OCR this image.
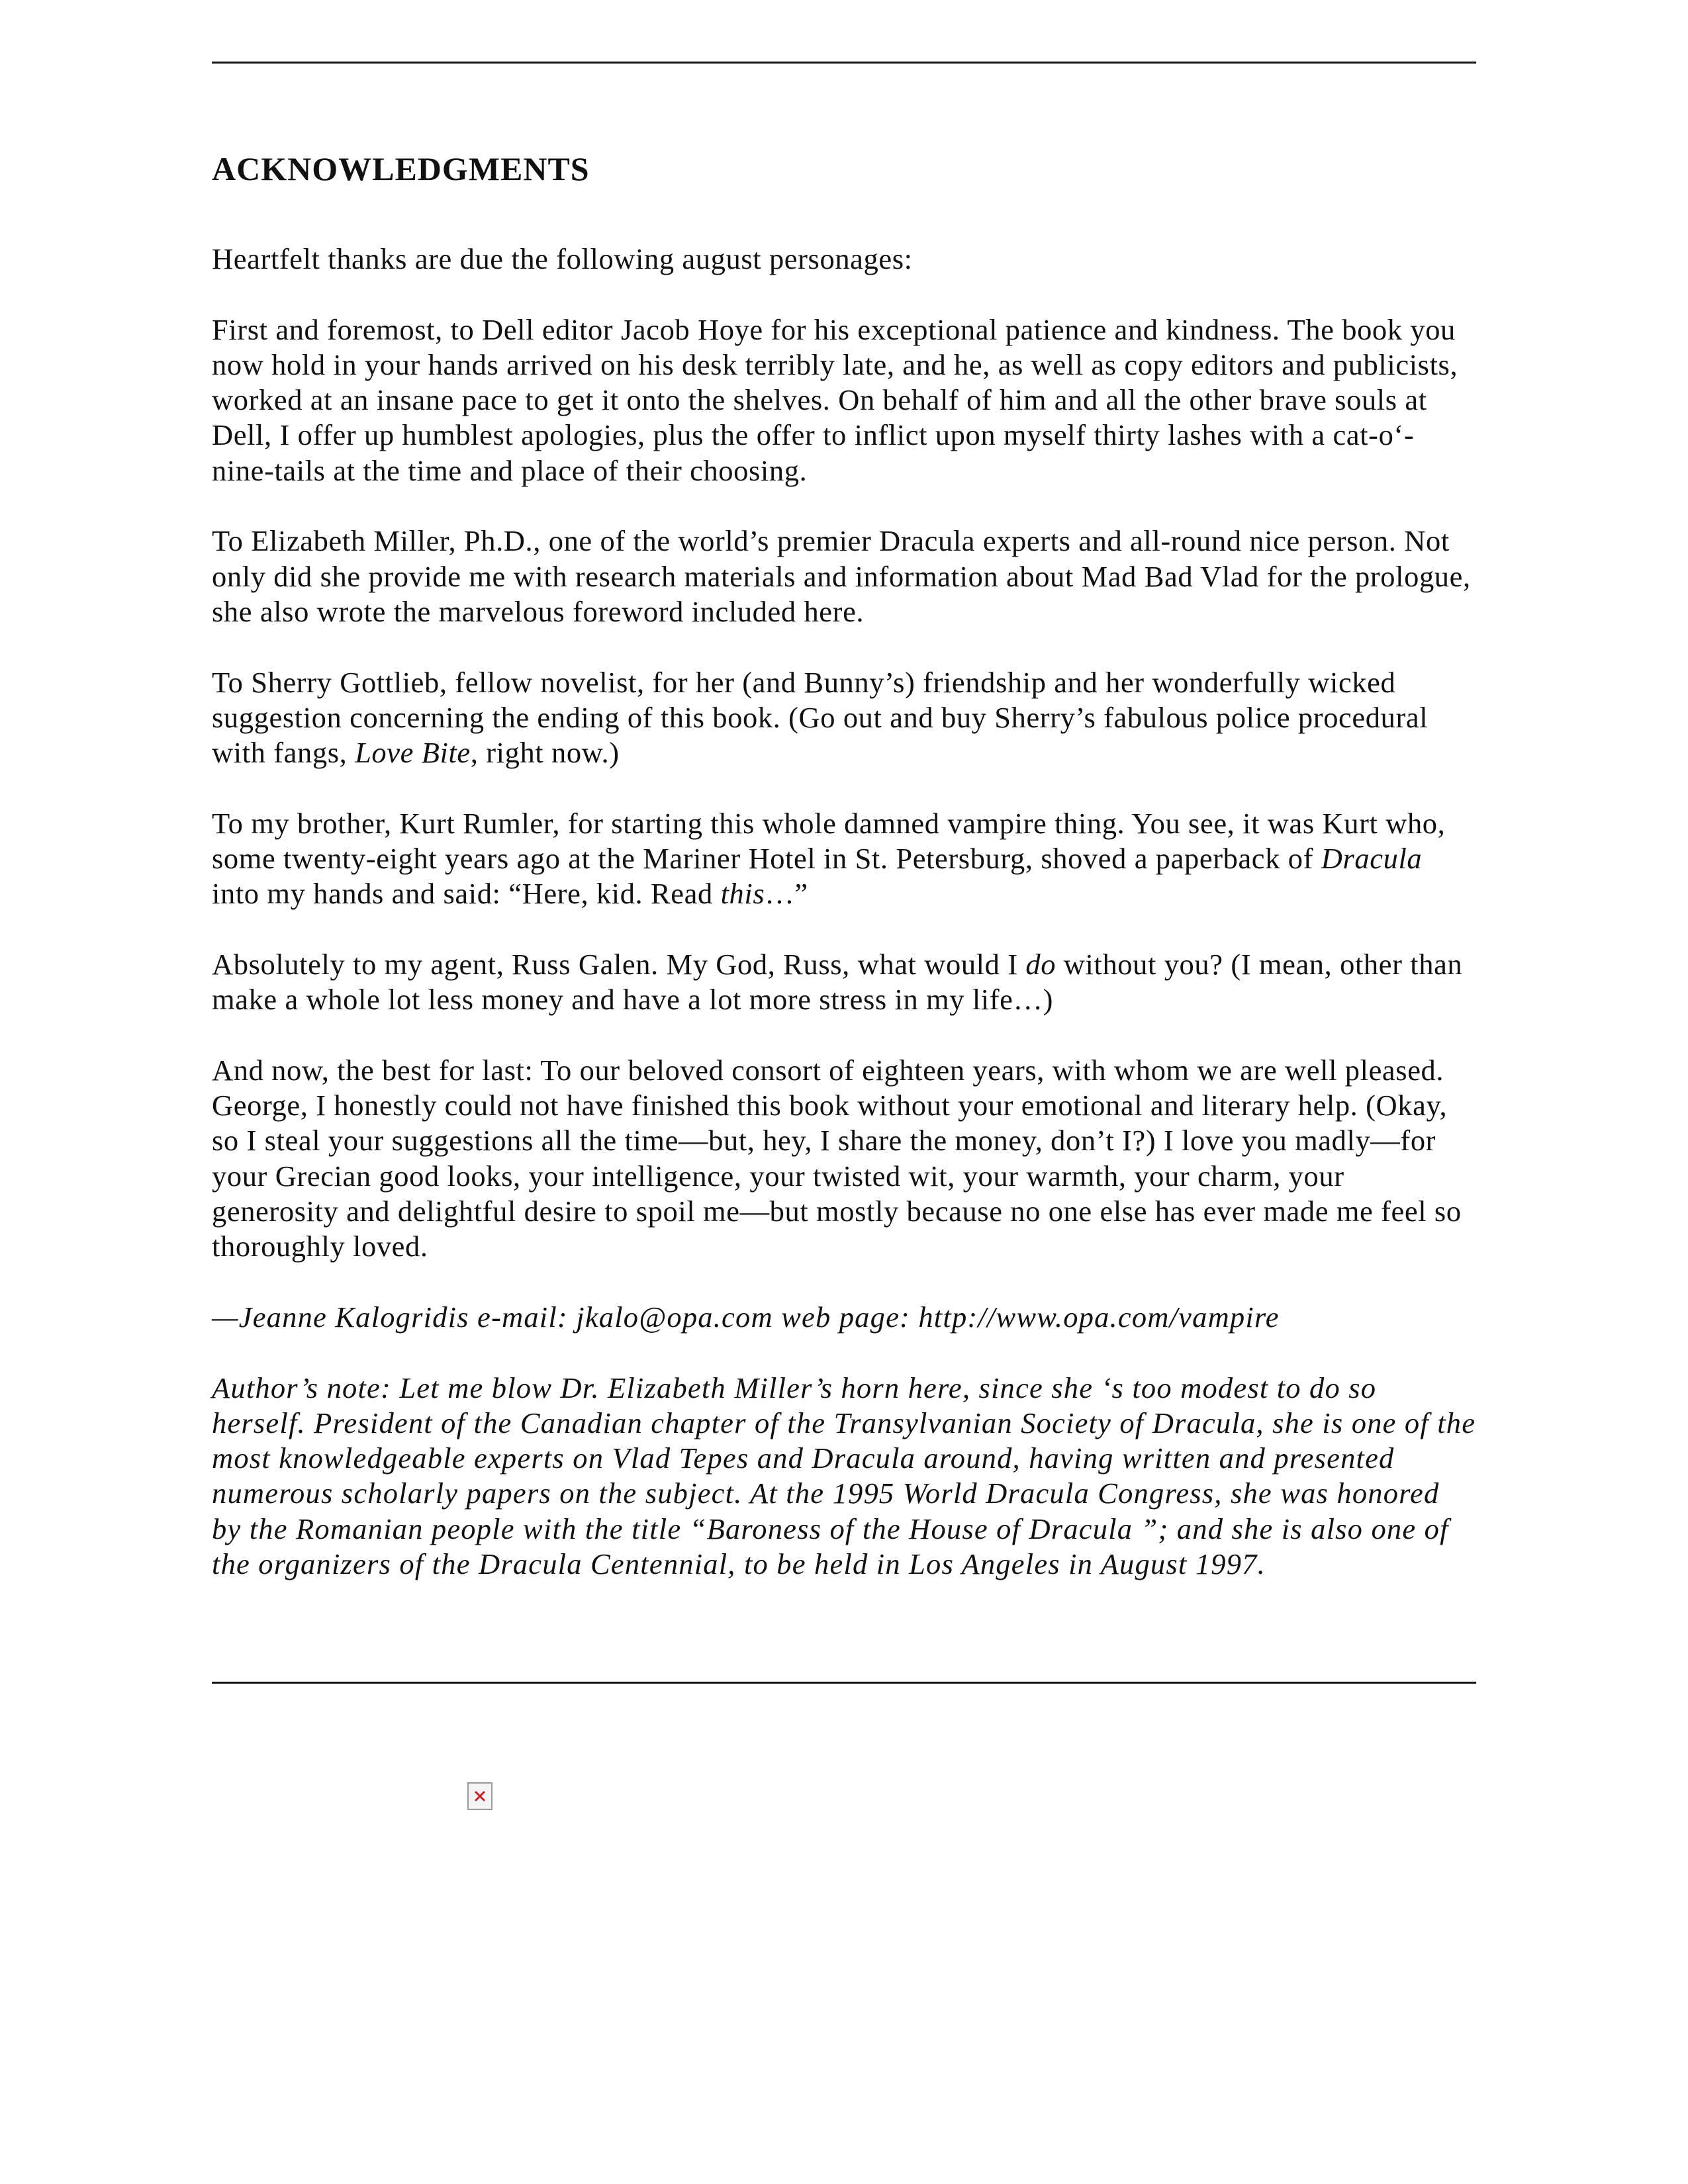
ACKNOWLEDGMENTS

Heartfelt thanks are due the following august personages:

First and foremost, to Dell editor Jacob Hoye for his exceptional patience and kindness. The book you now hold in your hands arrived on his desk terribly late, and he, as well as copy editors and publicists, worked at an insane pace to get it onto the shelves. On behalf of him and all the other brave souls at Dell, I offer up humblest apologies, plus the offer to inflict upon myself thirty lashes with a cat-o‘-nine-tails at the time and place of their choosing.

To Elizabeth Miller, Ph.D., one of the world’s premier Dracula experts and all-round nice person. Not only did she provide me with research materials and information about Mad Bad Vlad for the prologue, she also wrote the marvelous foreword included here.

To Sherry Gottlieb, fellow novelist, for her (and Bunny’s) friendship and her wonderfully wicked suggestion concerning the ending of this book. (Go out and buy Sherry’s fabulous police procedural with fangs, Love Bite, right now.)

To my brother, Kurt Rumler, for starting this whole damned vampire thing. You see, it was Kurt who, some twenty-eight years ago at the Mariner Hotel in St. Petersburg, shoved a paperback of Dracula into my hands and said: “Here, kid. Read this…”

Absolutely to my agent, Russ Galen. My God, Russ, what would I do without you? (I mean, other than make a whole lot less money and have a lot more stress in my life…)

And now, the best for last: To our beloved consort of eighteen years, with whom we are well pleased. George, I honestly could not have finished this book without your emotional and literary help. (Okay, so I steal your suggestions all the time—but, hey, I share the money, don’t I?) I love you madly—for your Grecian good looks, your intelligence, your twisted wit, your warmth, your charm, your generosity and delightful desire to spoil me—but mostly because no one else has ever made me feel so thoroughly loved.

—Jeanne Kalogridis e-mail: jkalo@opa.com web page: http://www.opa.com/vampire

Author’s note: Let me blow Dr. Elizabeth Miller’s horn here, since she ‘s too modest to do so herself. President of the Canadian chapter of the Transylvanian Society of Dracula, she is one of the most knowledgeable experts on Vlad Tepes and Dracula around, having written and presented numerous scholarly papers on the subject. At the 1995 World Dracula Congress, she was honored by the Romanian people with the title “Baroness of the House of Dracula ”; and she is also one of the organizers of the Dracula Centennial, to be held in Los Angeles in August 1997.
